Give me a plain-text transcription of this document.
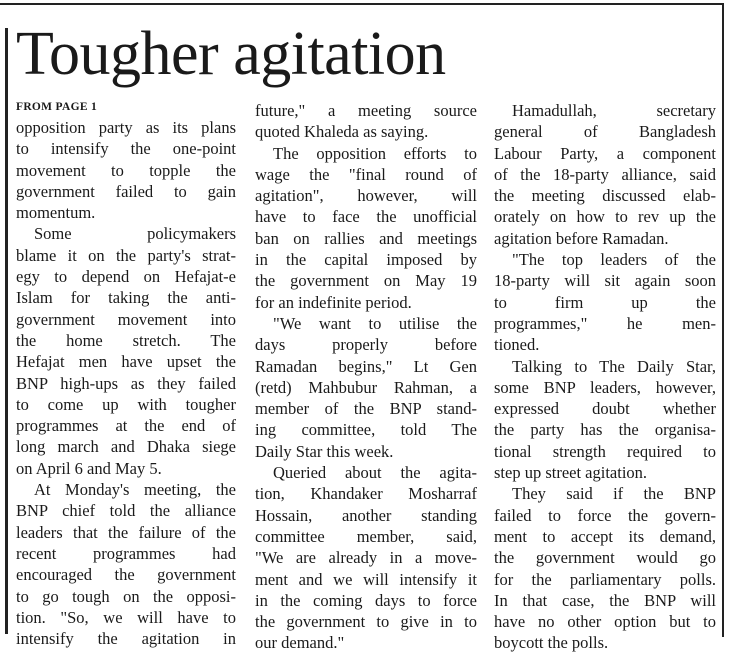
Tougher agitation
FROM PAGE 1
opposition party as its plans
to intensify the one-point
movement to topple the
government failed to gain
momentum.
Some policymakers
blame it on the party's strat-
egy to depend on Hefajat-e
Islam for taking the anti-
government movement into
the home stretch. The
Hefajat men have upset the
BNP high-ups as they failed
to come up with tougher
programmes at the end of
long march and Dhaka siege
on April 6 and May 5.
At Monday's meeting, the
BNP chief told the alliance
leaders that the failure of the
recent programmes had
encouraged the government
to go tough on the opposi-
tion. "So, we will have to
intensify the agitation in
future," a meeting source
quoted Khaleda as saying.
The opposition efforts to
wage the "final round of
agitation", however, will
have to face the unofficial
ban on rallies and meetings
in the capital imposed by
the government on May 19
for an indefinite period.
"We want to utilise the
days properly before
Ramadan begins," Lt Gen
(retd) Mahbubur Rahman, a
member of the BNP stand-
ing committee, told The
Daily Star this week.
Queried about the agita-
tion, Khandaker Mosharraf
Hossain, another standing
committee member, said,
"We are already in a move-
ment and we will intensify it
in the coming days to force
the government to give in to
our demand."
Hamadullah, secretary
general of Bangladesh
Labour Party, a component
of the 18-party alliance, said
the meeting discussed elab-
orately on how to rev up the
agitation before Ramadan.
"The top leaders of the
18-party will sit again soon
to firm up the
programmes," he men-
tioned.
Talking to The Daily Star,
some BNP leaders, however,
expressed doubt whether
the party has the organisa-
tional strength required to
step up street agitation.
They said if the BNP
failed to force the govern-
ment to accept its demand,
the government would go
for the parliamentary polls.
In that case, the BNP will
have no other option but to
boycott the polls.
